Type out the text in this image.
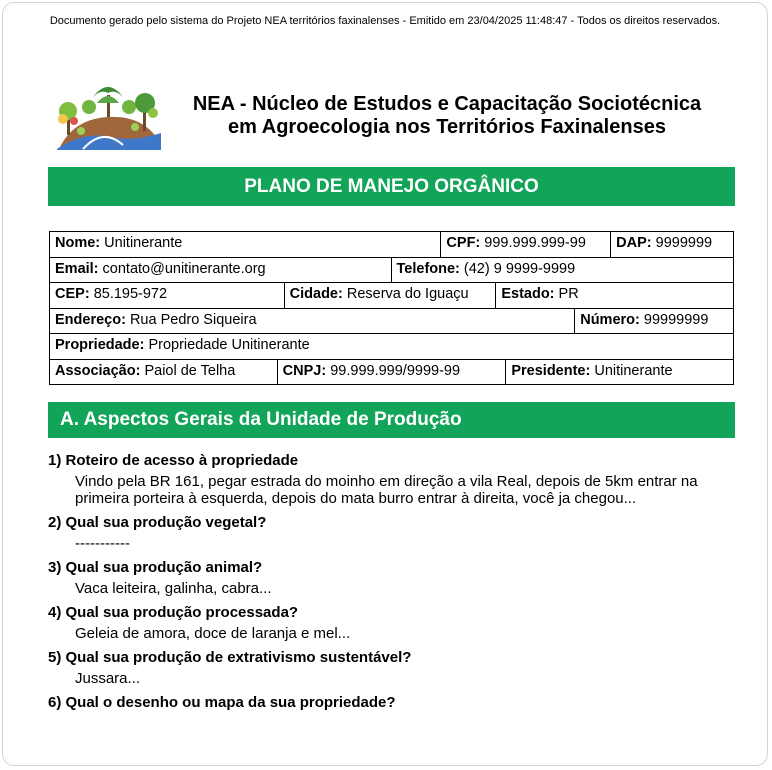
Documento gerado pelo sistema do Projeto NEA territórios faxinalenses - Emitido em 23/04/2025 11:48:47 - Todos os direitos reservados.
NEA - Núcleo de Estudos e Capacitação Sociotécnica
em Agroecologia nos Territórios Faxinalenses
PLANO DE MANEJO ORGÂNICO
Nome: Unitinerante	CPF: 999.999.999-99	DAP: 9999999
Email: contato@unitinerante.org	Telefone: (42) 9 9999-9999
CEP: 85.195-972	Cidade: Reserva do Iguaçu	Estado: PR
Endereço: Rua Pedro Siqueira	Número: 99999999
Propriedade: Propriedade Unitinerante
Associação: Paiol de Telha	CNPJ: 99.999.999/9999-99	Presidente: Unitinerante
A. Aspectos Gerais da Unidade de Produção
1) Roteiro de acesso à propriedade
Vindo pela BR 161, pegar estrada do moinho em direção a vila Real, depois de 5km entrar na primeira porteira à esquerda, depois do mata burro entrar à direita, você ja chegou...
2) Qual sua produção vegetal?
-----------
3) Qual sua produção animal?
Vaca leiteira, galinha, cabra...
4) Qual sua produção processada?
Geleia de amora, doce de laranja e mel...
5) Qual sua produção de extrativismo sustentável?
Jussara...
6) Qual o desenho ou mapa da sua propriedade?
